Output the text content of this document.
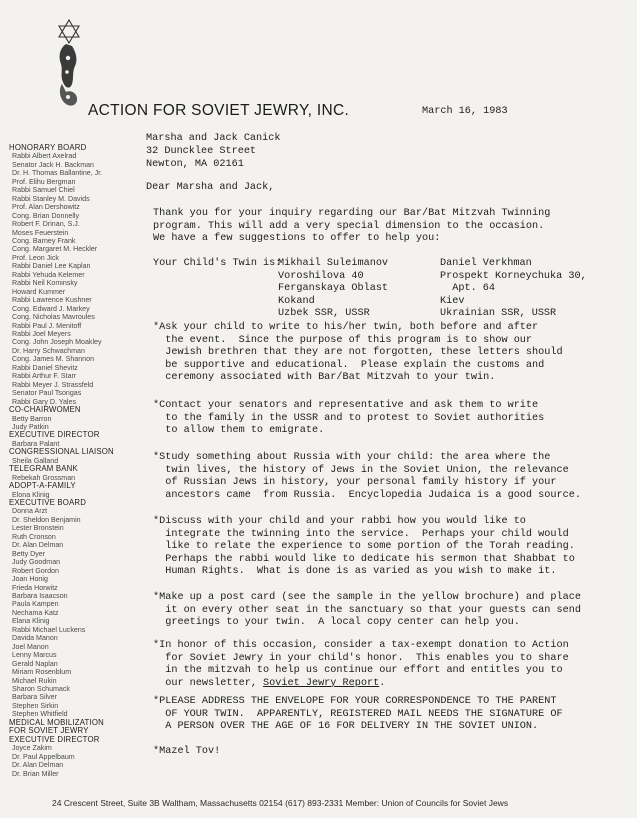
ACTION FOR SOVIET JEWRY, INC.	March 16, 1983
HONORARY BOARD
Rabbi Albert Axelrad
Senator Jack H. Backman
Dr. H. Thomas Ballantine, Jr.
Prof. Elihu Bergman
Rabbi Samuel Chiel
Rabbi Stanley M. Davids
Prof. Alan Dershowitz
Cong. Brian Donnelly
Robert F. Drinan, S.J.
Moses Feuerstein
Cong. Barney Frank
Cong. Margaret M. Heckler
Prof. Leon Jick
Rabbi Daniel Lee Kaplan
Rabbi Yehuda Kelemer
Rabbi Neil Kominsky
Howard Kummer
Rabbi Lawrence Kushner
Cong. Edward J. Markey
Cong. Nicholas Mavroules
Rabbi Paul J. Menitoff
Rabbi Joel Meyers
Cong. John Joseph Moakley
Dr. Harry Schwachman
Cong. James M. Shannon
Rabbi Daniel Shevitz
Rabbi Arthur F. Starr
Rabbi Meyer J. Strassfeld
Senator Paul Tsongas
Rabbi Gary D. Yales
CO-CHAIRWOMEN
Betty Barron
Judy Patkin
EXECUTIVE DIRECTOR
Barbara Palant
CONGRESSIONAL LIAISON
Sheila Galland
TELEGRAM BANK
Rebekah Grossman
ADOPT-A-FAMILY
Elona Klinig
EXECUTIVE BOARD
Donna Arzt
Dr. Sheldon Benjamin
Lester Bronstein
Ruth Cronson
Dr. Alan Delman
Betty Dyer
Judy Goodman
Robert Gordon
Joan Honig
Frieda Horwitz
Barbara Isaacson
Paula Kampen
Nechama Katz
Elana Klinig
Rabbi Michael Luckens
Davida Manon
Joel Manon
Lenny Marcus
Gerald Naplan
Miriam Rosenblum
Michael Rukin
Sharon Schumack
Barbara Silver
Stephen Sirkin
Stephen Whitfield
MEDICAL MOBILIZATION
FOR SOVIET JEWRY
EXECUTIVE DIRECTOR
Joyce Zakim
Dr. Paul Appelbaum
Dr. Alan Delman
Dr. Brian Miller
Marsha and Jack Canick
32 Duncklee Street
Newton, MA 02161
Dear Marsha and Jack,
Thank you for your inquiry regarding our Bar/Bat Mitzvah Twinning
program. This will add a very special dimension to the occasion.
We have a few suggestions to offer to help you:
Your Child's Twin is:
Mikhail Suleimanov
Voroshilova 40
Ferganskaya Oblast
Kokand
Uzbek SSR, USSR
Daniel Verkhman
Prospekt Korneychuka 30,
Apt. 64
Kiev
Ukrainian SSR, USSR
*Ask your child to write to his/her twin, both before and after
the event.  Since the purpose of this program is to show our
Jewish brethren that they are not forgotten, these letters should
be supportive and educational.  Please explain the customs and
ceremony associated with Bar/Bat Mitzvah to your twin.
*Contact your senators and representative and ask them to write
to the family in the USSR and to protest to Soviet authorities
to allow them to emigrate.
*Study something about Russia with your child: the area where the
twin lives, the history of Jews in the Soviet Union, the relevance
of Russian Jews in history, your personal family history if your
ancestors came  from Russia.  Encyclopedia Judaica is a good source.
*Discuss with your child and your rabbi how you would like to
integrate the twinning into the service.  Perhaps your child would
like to relate the experience to some portion of the Torah reading.
Perhaps the rabbi would like to dedicate his sermon that Shabbat to
Human Rights.  What is done is as varied as you wish to make it.
*Make up a post card (see the sample in the yellow brochure) and place
it on every other seat in the sanctuary so that your guests can send
greetings to your twin.  A local copy center can help you.
*In honor of this occasion, consider a tax-exempt donation to Action
for Soviet Jewry in your child's honor.  This enables you to share
in the mitzvah to help us continue our effort and entitles you to
our newsletter, Soviet Jewry Report.
*PLEASE ADDRESS THE ENVELOPE FOR YOUR CORRESPONDENCE TO THE PARENT
OF YOUR TWIN.  APPARENTLY, REGISTERED MAIL NEEDS THE SIGNATURE OF
A PERSON OVER THE AGE OF 16 FOR DELIVERY IN THE SOVIET UNION.
*Mazel Tov!
24 Crescent Street, Suite 3B Waltham, Massachusetts 02154 (617) 893-2331 Member: Union of Councils for Soviet Jews
